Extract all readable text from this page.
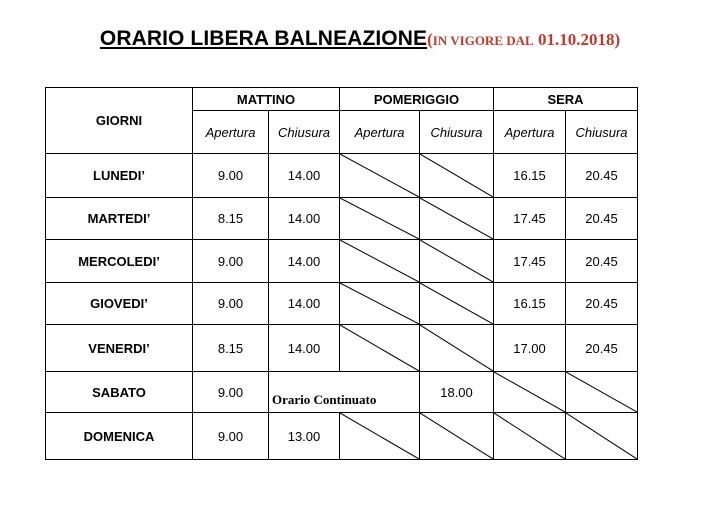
ORARIO LIBERA BALNEAZIONE(IN VIGORE DAL 01.10.2018)
GIORNI	MATTINO		POMERIGGIO		SERA	
	Apertura	Chiusura	Apertura	Chiusura	Apertura	Chiusura
LUNEDI’	9.00	14.00			16.15	20.45
MARTEDI’	8.15	14.00			17.45	20.45
MERCOLEDI’	9.00	14.00			17.45	20.45
GIOVEDI’	9.00	14.00			16.15	20.45
VENERDI’	8.15	14.00			17.00	20.45
SABATO	9.00	Orario Continuato		18.00	

DOMENICA	9.00	13.00	
